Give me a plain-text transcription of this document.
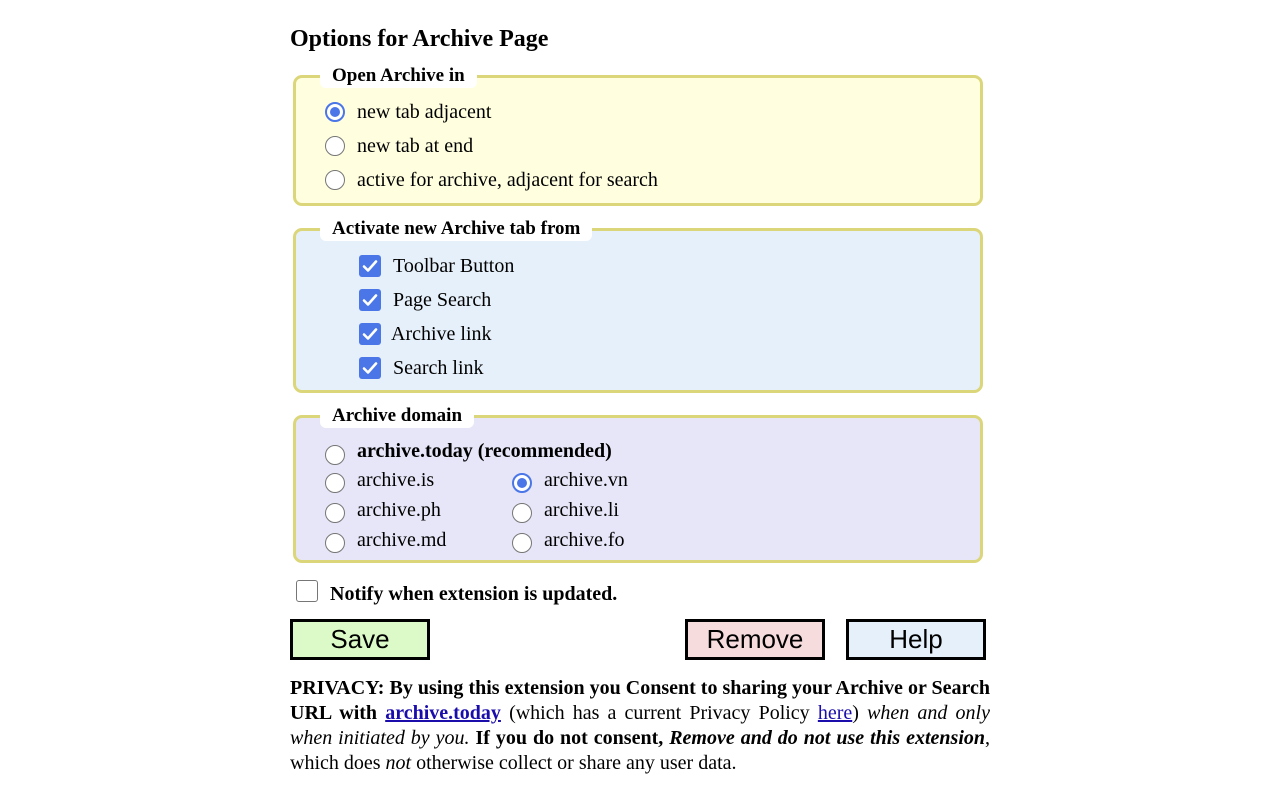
Options for Archive Page
Open Archive in
new tab adjacent
new tab at end
active for archive, adjacent for search
Activate new Archive tab from
Toolbar Button
Page Search
Archive link
Search link
Archive domain
archive.today (recommended)
archive.is
archive.ph
archive.md
archive.vn
archive.li
archive.fo
Notify when extension is updated.
Save	Remove	Help
PRIVACY: By using this extension you Consent to sharing your Archive or Search URL with archive.today (which has a current Privacy Policy here) when and only when initiated by you. If you do not consent, Remove and do not use this extension, which does not otherwise collect or share any user data.
